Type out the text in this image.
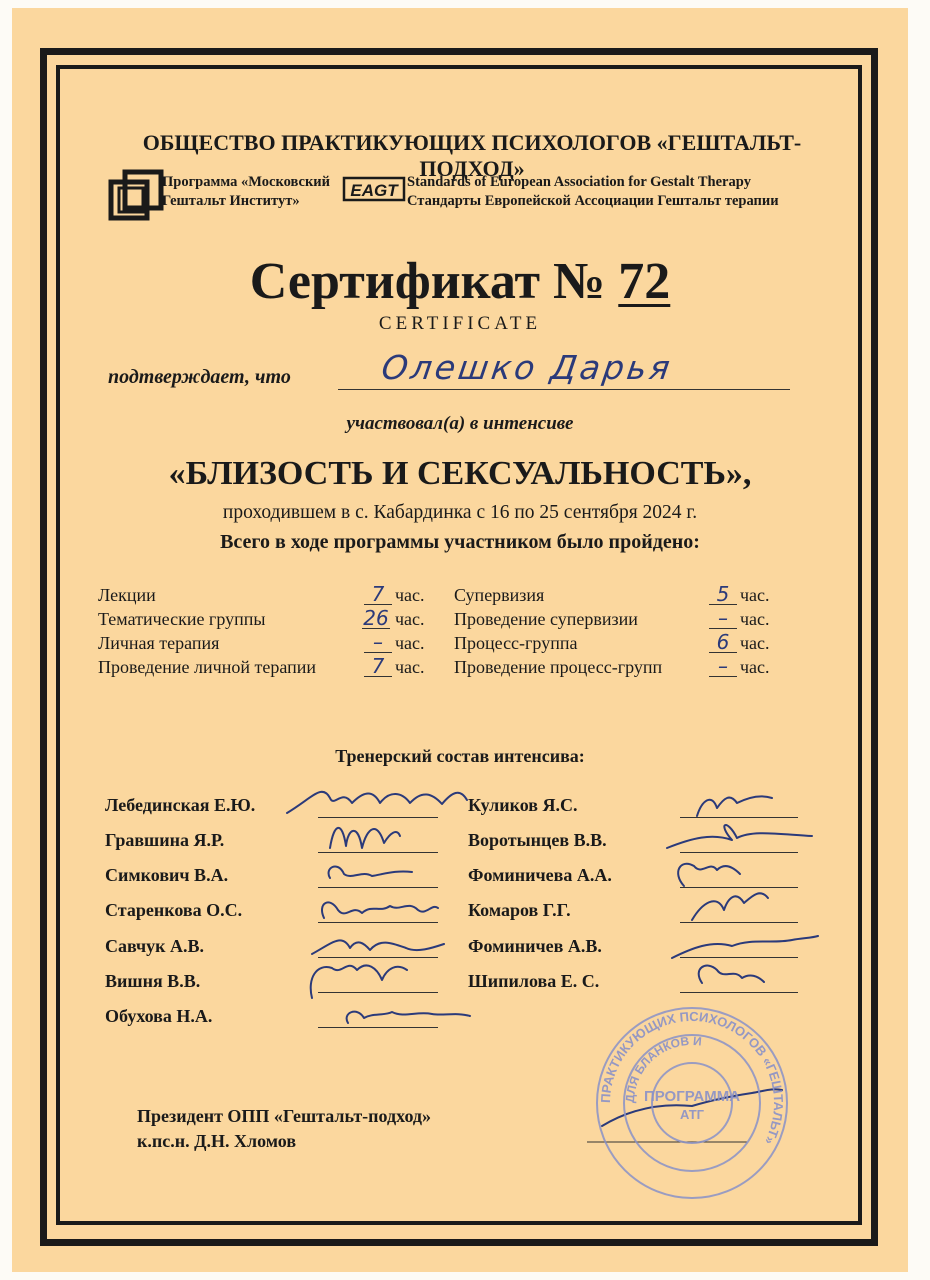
ОБЩЕСТВО ПРАКТИКУЮЩИХ ПСИХОЛОГОВ «ГЕШТАЛЬТ-ПОДХОД»
Программа «Московский
Гештальт Институт»
EAGT Standards of European Association for Gestalt Therapy
Стандарты Европейской Ассоциации Гештальт терапии
Сертификат № 72
CERTIFICATE
подтверждает, что	Олешко Дарья
участвовал(а) в интенсиве
«БЛИЗОСТЬ И СЕКСУАЛЬНОСТЬ»,
проходившем в с. Кабардинка с 16 по 25 сентября 2024 г.
Всего в ходе программы участником было пройдено:
Лекции	7 час.
Тематические группы	26 час.
Личная терапия	– час.
Проведение личной терапии	7 час.
Супервизия	5 час.
Проведение супервизии	– час.
Процесс-группа	6 час.
Проведение процесс-групп	– час.
Тренерский состав интенсива:
Лебединская Е.Ю.
Гравшина Я.Р.
Симкович В.А.
Старенкова О.С.
Савчук А.В.
Вишня В.В.
Обухова Н.А.
Куликов Я.С.
Воротынцев В.В.
Фоминичева А.А.
Комаров Г.Г.
Фоминичев А.В.
Шипилова Е. С.
ПРАКТИКУЮЩИХ ПСИХОЛОГОВ «ГЕШТАЛЬТ»
ДЛЯ БЛАНКОВ И
ПРОГРАММА
АТГ
Президент ОПП «Гештальт-подход»
к.пс.н. Д.Н. Хломов
